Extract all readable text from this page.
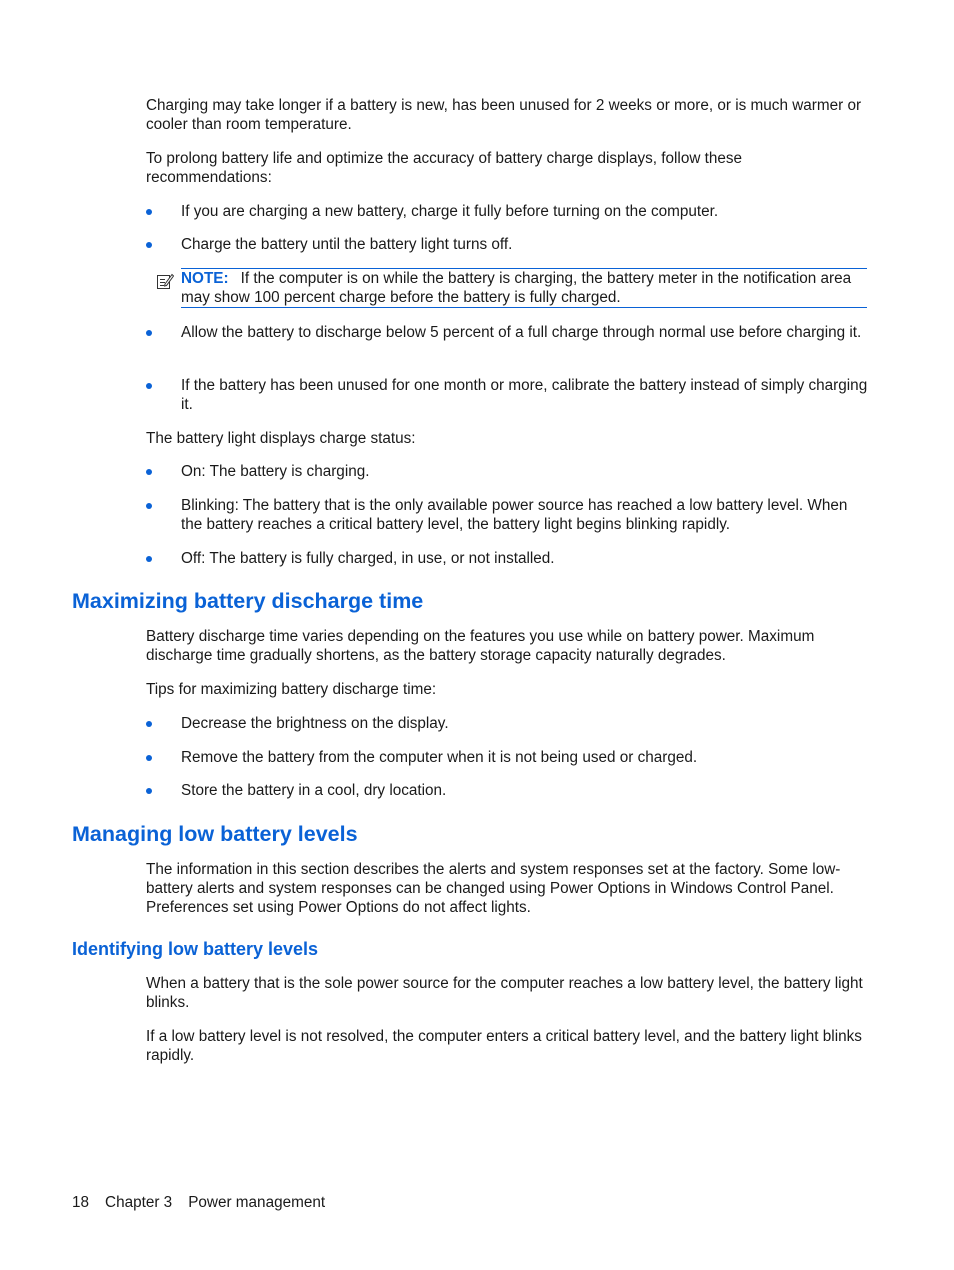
Charging may take longer if a battery is new, has been unused for 2 weeks or more, or is much warmer or cooler than room temperature.

To prolong battery life and optimize the accuracy of battery charge displays, follow these recommendations:

If you are charging a new battery, charge it fully before turning on the computer.
Charge the battery until the battery light turns off.
NOTE: If the computer is on while the battery is charging, the battery meter in the notification area may show 100 percent charge before the battery is fully charged.
Allow the battery to discharge below 5 percent of a full charge through normal use before charging it.
If the battery has been unused for one month or more, calibrate the battery instead of simply charging it.

The battery light displays charge status:

On: The battery is charging.
Blinking: The battery that is the only available power source has reached a low battery level. When the battery reaches a critical battery level, the battery light begins blinking rapidly.
Off: The battery is fully charged, in use, or not installed.
Maximizing battery discharge time

Battery discharge time varies depending on the features you use while on battery power. Maximum discharge time gradually shortens, as the battery storage capacity naturally degrades.

Tips for maximizing battery discharge time:

Decrease the brightness on the display.
Remove the battery from the computer when it is not being used or charged.
Store the battery in a cool, dry location.
Managing low battery levels

The information in this section describes the alerts and system responses set at the factory. Some low-battery alerts and system responses can be changed using Power Options in Windows Control Panel. Preferences set using Power Options do not affect lights.

Identifying low battery levels

When a battery that is the sole power source for the computer reaches a low battery level, the battery light blinks.

If a low battery level is not resolved, the computer enters a critical battery level, and the battery light blinks rapidly.

18 Chapter 3 Power management
